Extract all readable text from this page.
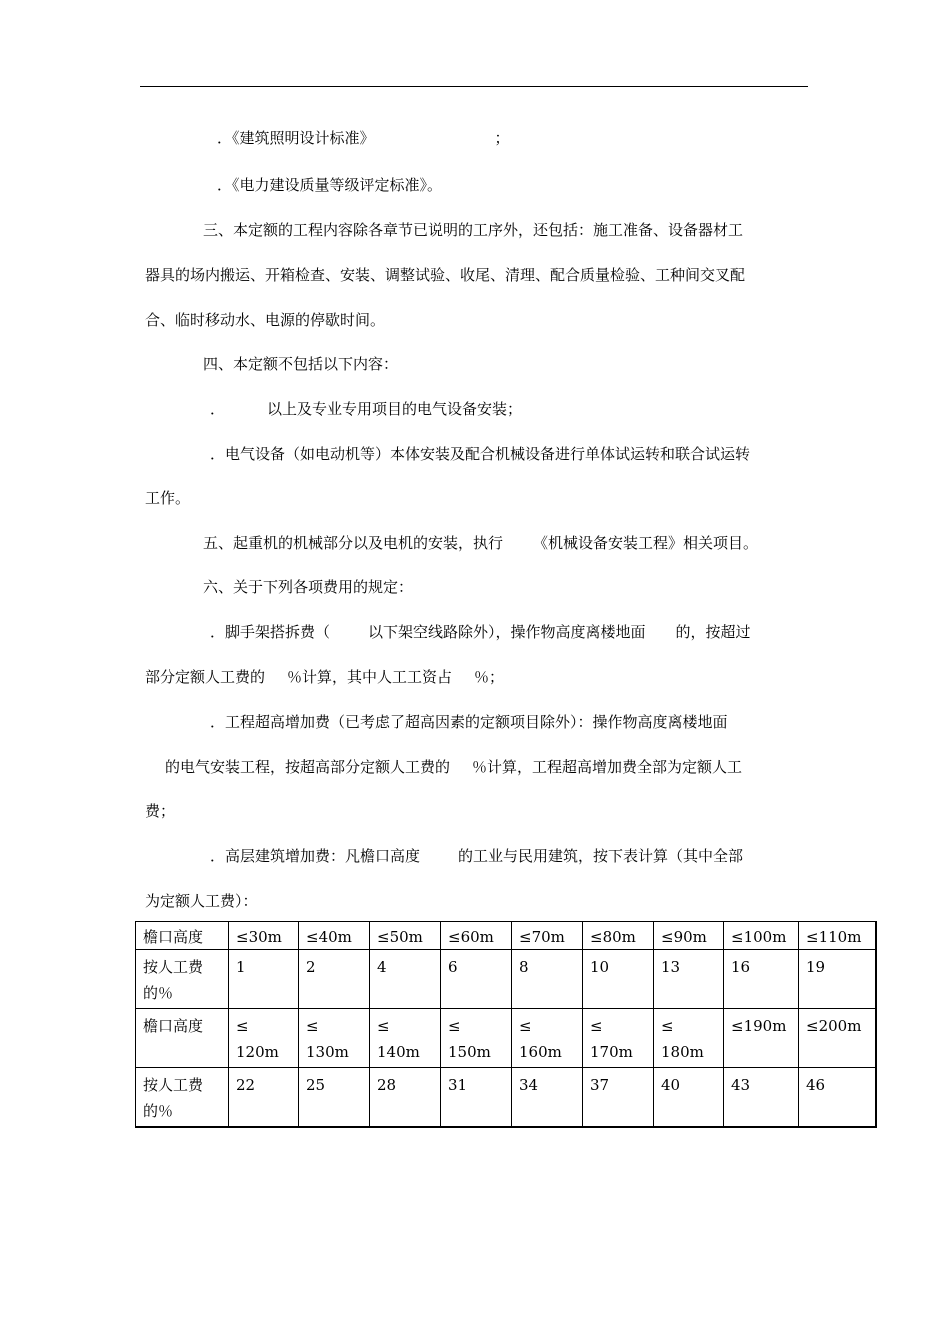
．《建筑照明设计标准》	；
．《电力建设质量等级评定标准》。
三、本定额的工程内容除各章节已说明的工序外，还包括：施工准备、设备器材工
器具的场内搬运、开箱检查、安装、调整试验、收尾、清理、配合质量检验、工种间交叉配
合、临时移动水、电源的停歇时间。
四、本定额不包括以下内容：
．	以上及专业专用项目的电气设备安装；
．电气设备（如电动机等）本体安装及配合机械设备进行单体试运转和联合试运转
工作。
五、起重机的机械部分以及电机的安装，执行 《机械设备安装工程》相关项目。
六、关于下列各项费用的规定：
．脚手架搭拆费（	以下架空线路除外），操作物高度离楼地面 的，按超过
部分定额人工费的 ％计算，其中人工工资占 ％；
．工程超高增加费（已考虑了超高因素的定额项目除外）：操作物高度离楼地面
的电气安装工程，按超高部分定额人工费的 ％计算，工程超高增加费全部为定额人工
费；
．高层建筑增加费：凡檐口高度	的工业与民用建筑，按下表计算（其中全部
为定额人工费）：
檐口高度	≤30m	≤40m	≤50m	≤60m	≤70m	≤80m	≤90m	≤100m	≤110m
按人工费的％	1	2	4	6	8	10	13	16	19
檐口高度	≤ 120m	≤ 130m	≤ 140m	≤ 150m	≤ 160m	≤ 170m	≤ 180m	≤190m	≤200m
按人工费的％	22	25	28	31	34	37	40	43	46
